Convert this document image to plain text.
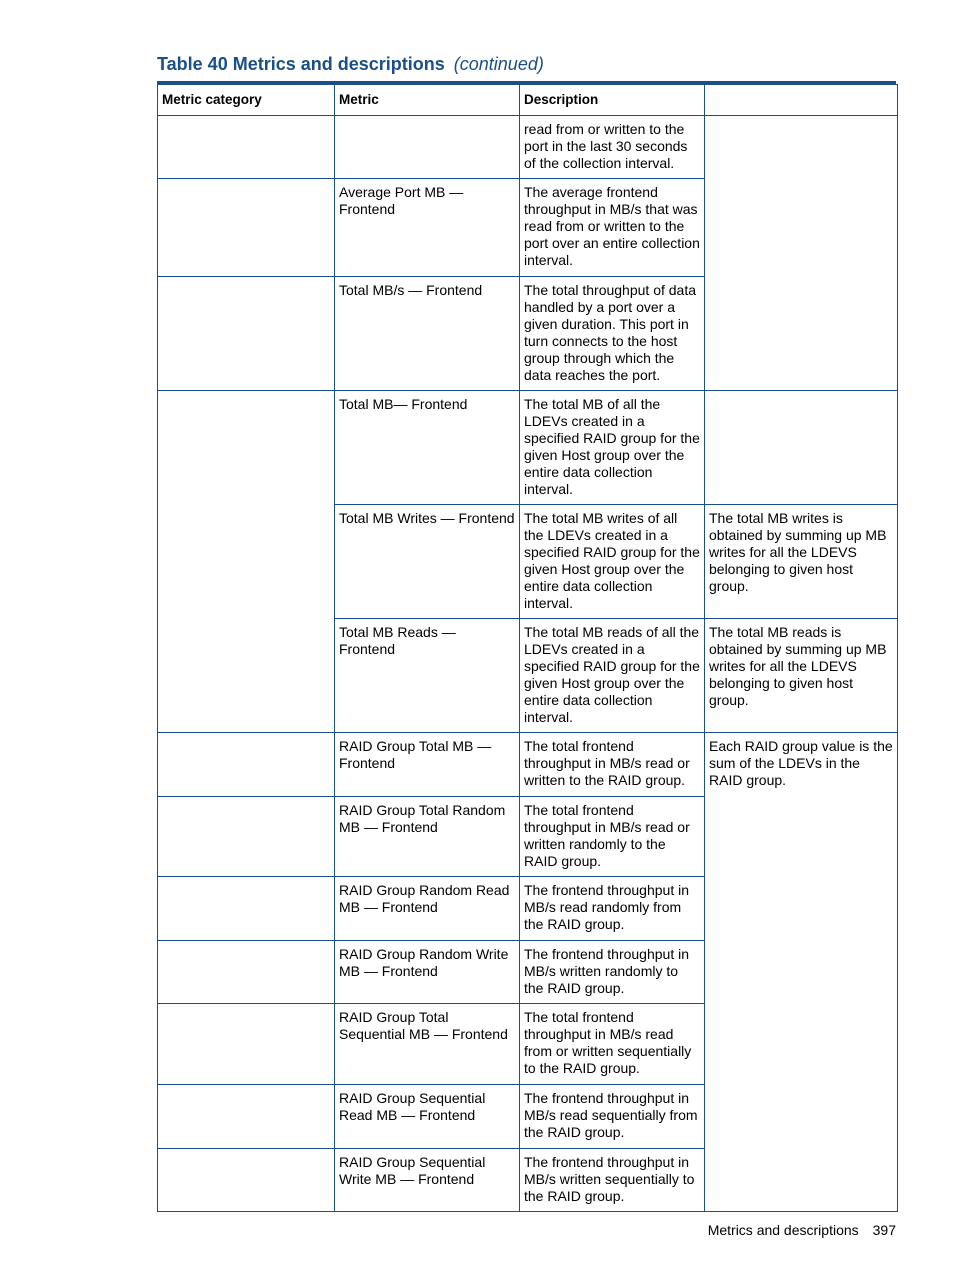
Table 40 Metrics and descriptions (continued)
Metric category	Metric	Description	
		read from or written to the port in the last 30 seconds of the collection interval.	
	Average Port MB — Frontend	The average frontend throughput in MB/s that was read from or written to the port over an entire collection interval.	
	Total MB/s — Frontend	The total throughput of data handled by a port over a given duration. This port in turn connects to the host group through which the data reaches the port.	
	Total MB— Frontend	The total MB of all the LDEVs created in a specified RAID group for the given Host group over the entire data collection interval.	
	Total MB Writes — Frontend	The total MB writes of all the LDEVs created in a specified RAID group for the given Host group over the entire data collection interval.	The total MB writes is obtained by summing up MB writes for all the LDEVS belonging to given host group.
	Total MB Reads — Frontend	The total MB reads of all the LDEVs created in a specified RAID group for the given Host group over the entire data collection interval.	The total MB reads is obtained by summing up MB writes for all the LDEVS belonging to given host group.
	RAID Group Total MB — Frontend	The total frontend throughput in MB/s read or written to the RAID group.	Each RAID group value is the sum of the LDEVs in the RAID group.
	RAID Group Total Random MB — Frontend	The total frontend throughput in MB/s read or written randomly to the RAID group.	
	RAID Group Random Read MB — Frontend	The frontend throughput in MB/s read randomly from the RAID group.	
	RAID Group Random Write MB — Frontend	The frontend throughput in MB/s written randomly to the RAID group.	
	RAID Group Total Sequential MB — Frontend	The total frontend throughput in MB/s read from or written sequentially to the RAID group.	
	RAID Group Sequential Read MB — Frontend	The frontend throughput in MB/s read sequentially from the RAID group.	
	RAID Group Sequential Write MB — Frontend	The frontend throughput in MB/s written sequentially to the RAID group.	
Metrics and descriptions 397
